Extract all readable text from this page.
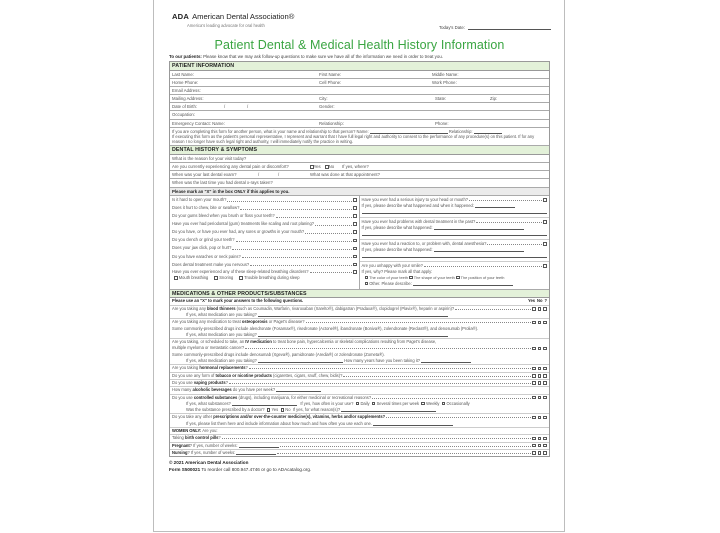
ADA American Dental Association®
America's leading advocate for oral health	Today's Date:
Patient Dental & Medical Health History Information
To our patients: Please know that we may ask follow-up questions to make sure we have all of the information we need in order to treat you.
PATIENT INFORMATION
Last Name:	First Name:	Middle Name:
Home Phone:	Cell Phone:	Work Phone:
Email Address:
Mailing Address:	City:	State:	Zip:
Date of Birth:	/	/	Gender:
Occupation:
Emergency Contact: Name:	Relationship:	Phone:
If you are completing this form for another person, what is your name and relationship to that person? Name:	Relationship:
If executing this form as the patient's personal representative, I represent and warrant that I have full legal right and authority to consent to the performance of any procedure(s) on this patient. If for any reason I no longer have such legal right and authority, I will immediately notify the practice in writing.
DENTAL HISTORY & SYMPTOMS
What is the reason for your visit today?
Are you currently experiencing any dental pain or discomfort?	Yes No If yes, where?
When was your last dental exam?	/	/	What was done at that appointment?
When was the last time you had dental x-rays taken?
Please mark an "X" in the box ONLY if this applies to you.
Is it hard to open your mouth?
Does it hurt to chew, bite or swallow?
Do your gums bleed when you brush or floss your teeth?
Have you ever had periodontal (gum) treatments like scaling and root planing?
Do you have, or have you ever had, any sores or growths in your mouth?
Do you clench or grind your teeth?
Does your jaw click, pop or hurt?
Do you have earaches or neck pains?
Does dental treatment make you nervous?
Have you ever experienced any of these sleep-related breathing disorders?
Mouth breathing	Snoring	Trouble breathing during sleep
Have you ever had a serious injury to your head or mouth?
If yes, please describe what happened and when it happened:
Have you ever had problems with dental treatment in the past?
If yes, please describe what happened:
Have you ever had a reaction to, or problem with, dental anesthesia?
If yes, please describe what happened:
Are you unhappy with your smile?
If yes, why? Please mark all that apply:
The color of your teeth The shape of your teeth The position of your teeth
Other. Please describe:
MEDICATIONS & OTHER PRODUCTS/SUBSTANCES
Please use an "X" to mark your answers to the following questions.	Yes No ?
Are you taking any blood thinners (such as Coumadin, Warfarin, rivaroxaban (Xarelto®), dabigatran (Pradaxa®), clopidogrel (Plavix®), heparin or aspirin)?
If yes, what medication are you taking?
Are you taking any medication to treat osteoporosis or Paget's disease?
Some commonly-prescribed drugs include alendronate (Fosamax®), risedronate (Actonel®), ibandronate (Boniva®), zolendronate (Reclast®), and denosumab (Prolia®).
If yes, what medication are you taking?
Are you taking, or scheduled to take, an IV medication to treat bone pain, hypercalcemia or skeletal complications resulting from Paget's disease,
multiple myeloma or metastatic cancer?
Some commonly-prescribed drugs include denosumab (Xgeva®), pamidronate (Aredia®) or zolendronate (Zometa®).
If yes, what medication are you taking?	How many years have you been taking it?
Are you taking hormonal replacements?
Do you use any form of tobacco or nicotine products (cigarettes, cigars, snuff, chew, bidis)?
Do you use vaping products?
How many alcoholic beverages do you have per week?
Do you use controlled substances (drugs), including marijuana, for either medicinal or recreational reasons?
If yes, what substances?	If yes, how often is your use? Daily Several times per week Weekly Occasionally
Was the substance prescribed by a doctor? Yes No If yes, for what reason(s)?
Do you take any other prescriptions and/or over-the-counter medicine(s), vitamins, herbs and/or supplements?
If yes, please list them here and include information about how much and how often you use each one.
WOMEN ONLY: Are you:
Taking birth control pills?
Pregnant? If yes, number of weeks:
Nursing? If yes, number of weeks:
© 2021 American Dental Association
Form S500021 To reorder call 800.947.4746 or go to ADAcatalog.org.
